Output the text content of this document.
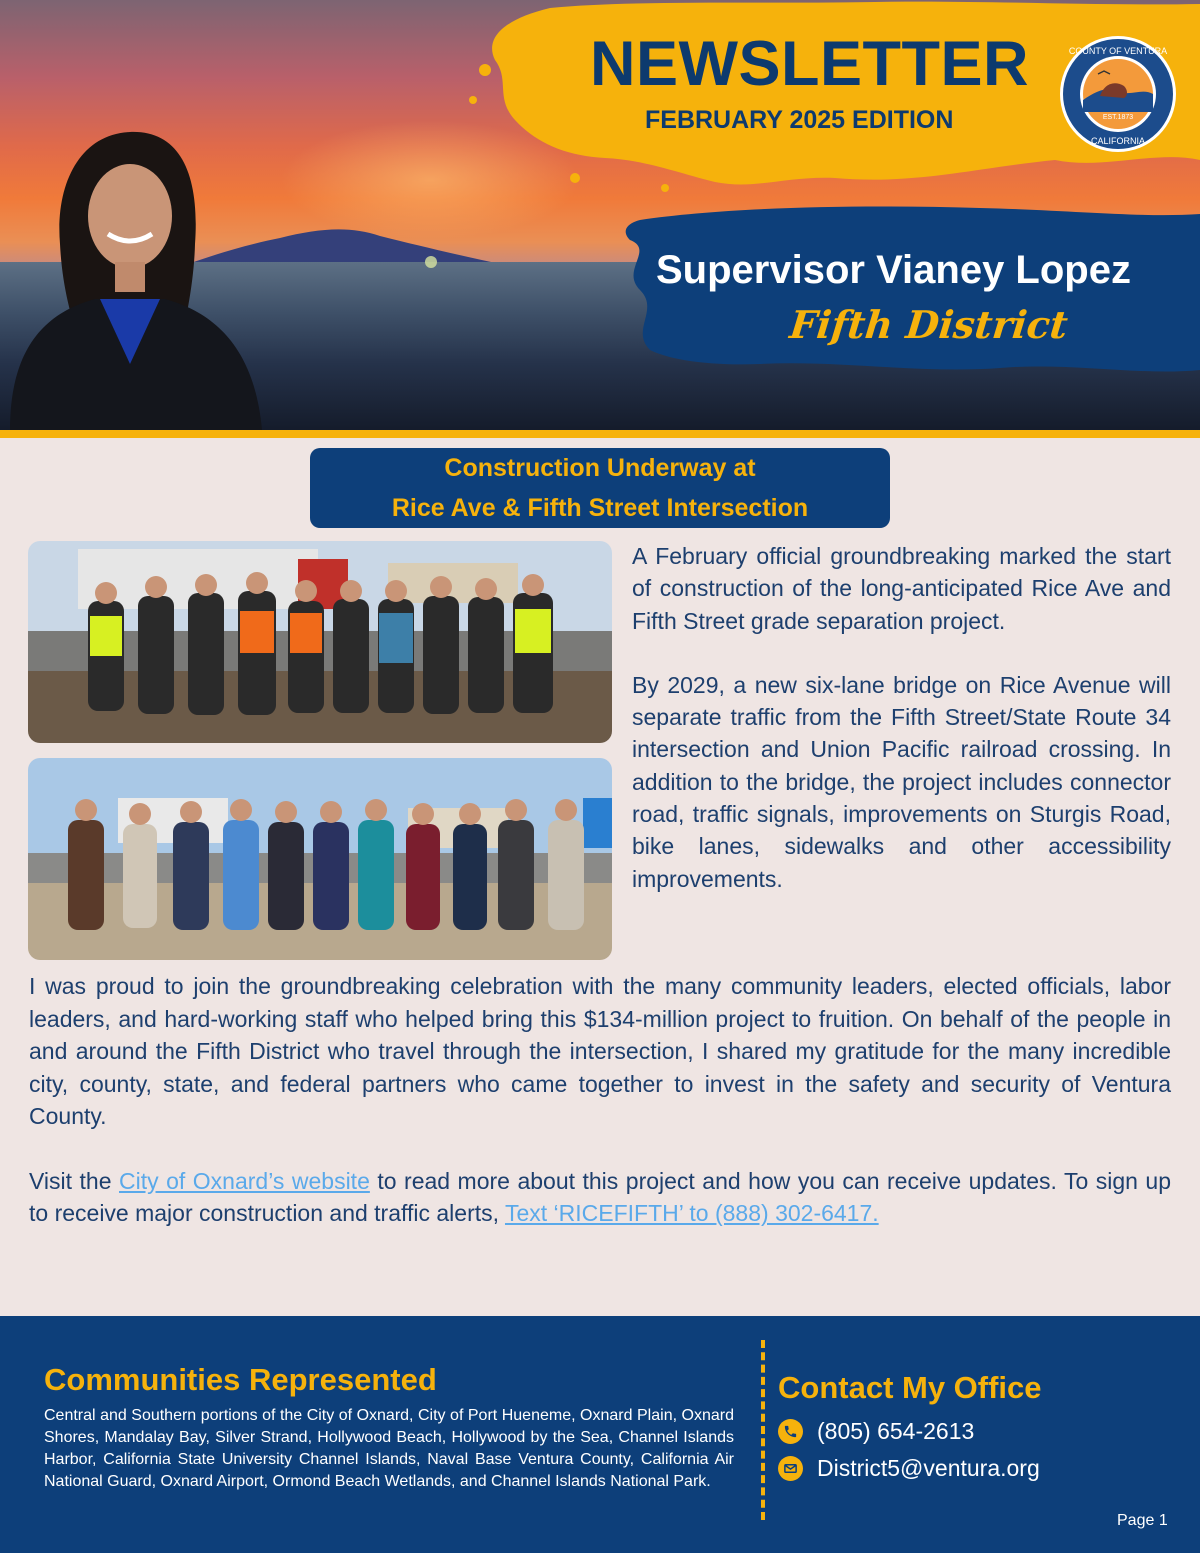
COUNTY OF VENTURA
CALIFORNIA
EST.1873
NEWSLETTER
FEBRUARY 2025 EDITION
Supervisor Vianey Lopez
Fifth District
Construction Underway at
Rice Ave & Fifth Street Intersection

A February official groundbreaking marked the start of construction of the long-anticipated Rice Ave and Fifth Street grade separation project.

By 2029, a new six-lane bridge on Rice Avenue will separate traffic from the Fifth Street/State Route 34 intersection and Union Pacific railroad crossing. In addition to the bridge, the project includes connector road, traffic signals, improvements on Sturgis Road, bike lanes, sidewalks and other accessibility improvements.

I was proud to join the groundbreaking celebration with the many community leaders, elected officials, labor leaders, and hard-working staff who helped bring this $134-million project to fruition. On behalf of the people in and around the Fifth District who travel through the intersection, I shared my gratitude for the many incredible city, county, state, and federal partners who came together to invest in the safety and security of Ventura County.

Visit the City of Oxnard’s website to read more about this project and how you can receive updates. To sign up to receive major construction and traffic alerts, Text ‘RICEFIFTH’ to (888) 302-6417.

Communities Represented

Central and Southern portions of the City of Oxnard, City of Port Hueneme, Oxnard Plain, Oxnard Shores, Mandalay Bay, Silver Strand, Hollywood Beach, Hollywood by the Sea, Channel Islands Harbor, California State University Channel Islands, Naval Base Ventura County, California Air National Guard, Oxnard Airport, Ormond Beach Wetlands, and Channel Islands National Park.

Contact My Office
(805) 654-2613
District5@ventura.org
Page 1
